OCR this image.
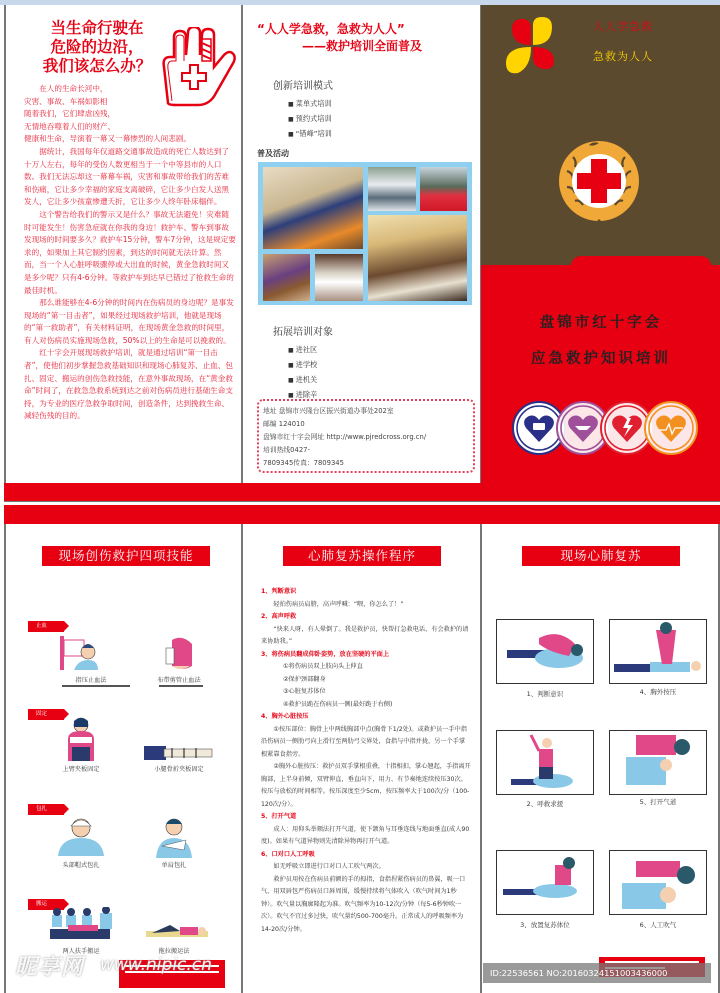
当生命行驶在
危险的边沿，
我们该怎么办？

在人的生命长河中，

灾害、事故、车祸如影相

随着我们，它们肆虐凶残，

无情地吞噬着人们的财产、

健康和生命，导演着一幕又一幕惨烈的人间悲剧。

据统计，我国每年仅道路交通事故造成的死亡人数达到了十万人左右，每年的受伤人数更相当于一个中等县市的人口数。我们无法忘却这一幕幕车祸，灾害和事故带给我们的苦难和伤痛，它让多少幸福的家庭支离破碎，它让多少白发人送黑发人，它让多少孩童惨遭夭折，它让多少人终年卧床榻伴。

这个警告给我们的警示又是什么？事故无法避免！灾难随时可能发生！伤害急症就在你我的身边！救护车、警车到事故发现场的时间要多久？救护车15分钟，警车7分钟，这是规定要求的，如果加上其它制约因素，到达的时间就无法计算。然而，当一个人心脏呼吸骤停或大出血的时候，黄金急救时间又是多少呢？只有4-6分钟。等救护车到达早已错过了抢救生命的最佳时机。

那么谁能够在4-6分钟的时间内在伤病员的身边呢？是事发现场的“第一目击者”，如果经过现场救护培训，他就是现场的“第一救助者”，有关材料证明，在现场黄金急救的时间里，有人对伤病员实施现场急救，50%以上的生命是可以挽救的。

红十字会开展现场救护培训，就是通过培训“第一目击者”，使他们初步掌握急救基础知识和现场心肺复苏、止血、包扎、固定、搬运的创伤急救技能，在意外事故现场，在“黄金救命”时间了，在救急急救系统到达之前对伤病员进行基础生命支持，为专业的医疗急救争取时间，创造条件，达到挽救生命、减轻伤残的目的。

“人人学急救，急救为人人”
——救护培训全面普及
创新培训模式
■ 菜单式培训
■ 预约式培训
■ “错峰”培训
普及活动
拓展培训对象
■ 进社区
■ 进学校
■ 进机关
■ 进除辛
地址 盘锦市兴隆台区振兴街道办事处202室
邮编 124010
盘锦市红十字会网址 http://www.pjredcross.org.cn/
培训热线0427-
7809345传真：7809345
人人学急救
急救为人人
盘锦市红十字会
应急救护知识培训
现场创伤救护四项技能
止血
指压止血法	布带剪管止血法
固定
上臂夹板固定	小腿骨折夹板固定
包扎
头部帽式包扎	单肩包扎
搬运
两人扶手搬运	拖拉搬运法
心肺复苏操作程序
1、判断意识
轻拍伤病员肩膀，高声呼喊：“喂，你怎么了！”
2、高声呼救
“快来人呀，有人晕倒了。我是救护员，快帮打急救电话，有会救护的请来协助我。”
3、将伤病员翻成仰卧姿势，放在坚硬的平面上
①将伤病员双上肢向头上伸直
②保护颈部翻身
③心脏复苏体位
④救护员跪在伤病员一侧(最好跪于右侧)
4、胸外心脏按压
①按压部位：胸骨上中两线胸部中点(胸骨下1/2处)。或救护员一手中指沿伤病员一侧肋弓向上滑行至两肋弓交界处，食指与中指并拢，另一个手掌根紧靠食指旁。
②胸外心脏按压：救护员双手掌根重叠，十指相扣，掌心翘起，手指离开胸部，上半身前倾，双臂伸直，垂直向下，用力、有节奏地连续按压30次。按压与放松的时间相等。按压深度至少5cm，按压频率大于100次/分（100-120次/分）。
5、打开气道
成人：用仰头举颏法打开气道，使下颌角与耳垂连线与地面垂直(成人90度)。如果有气道异物则先清除异物再打开气道。
6、口对口人工呼吸
如无呼吸立即进行口对口人工吹气两次。
救护员用按在伤病员前额的手的拇指，食指捏紧伤病员的鼻翼，吸一口气，用双唇包严伤病员口唇周围，缓慢持续将气体吹入（吹气时间为1秒钟）。吹气量以胸廓隆起为准。吹气频率为10-12次/分钟（每5-6秒钟吹一次）。吹气不宜过多过快，吹气量约500-700毫升。正常成人的呼吸频率为14-20次/分钟。
现场心肺复苏
1、判断意识	4、胸外按压
2、呼救求援	5、打开气道
3、放置复苏体位	6、人工吹气
昵享网 www.nipic.cn	ID:22536561 NO:20160324151003436000
